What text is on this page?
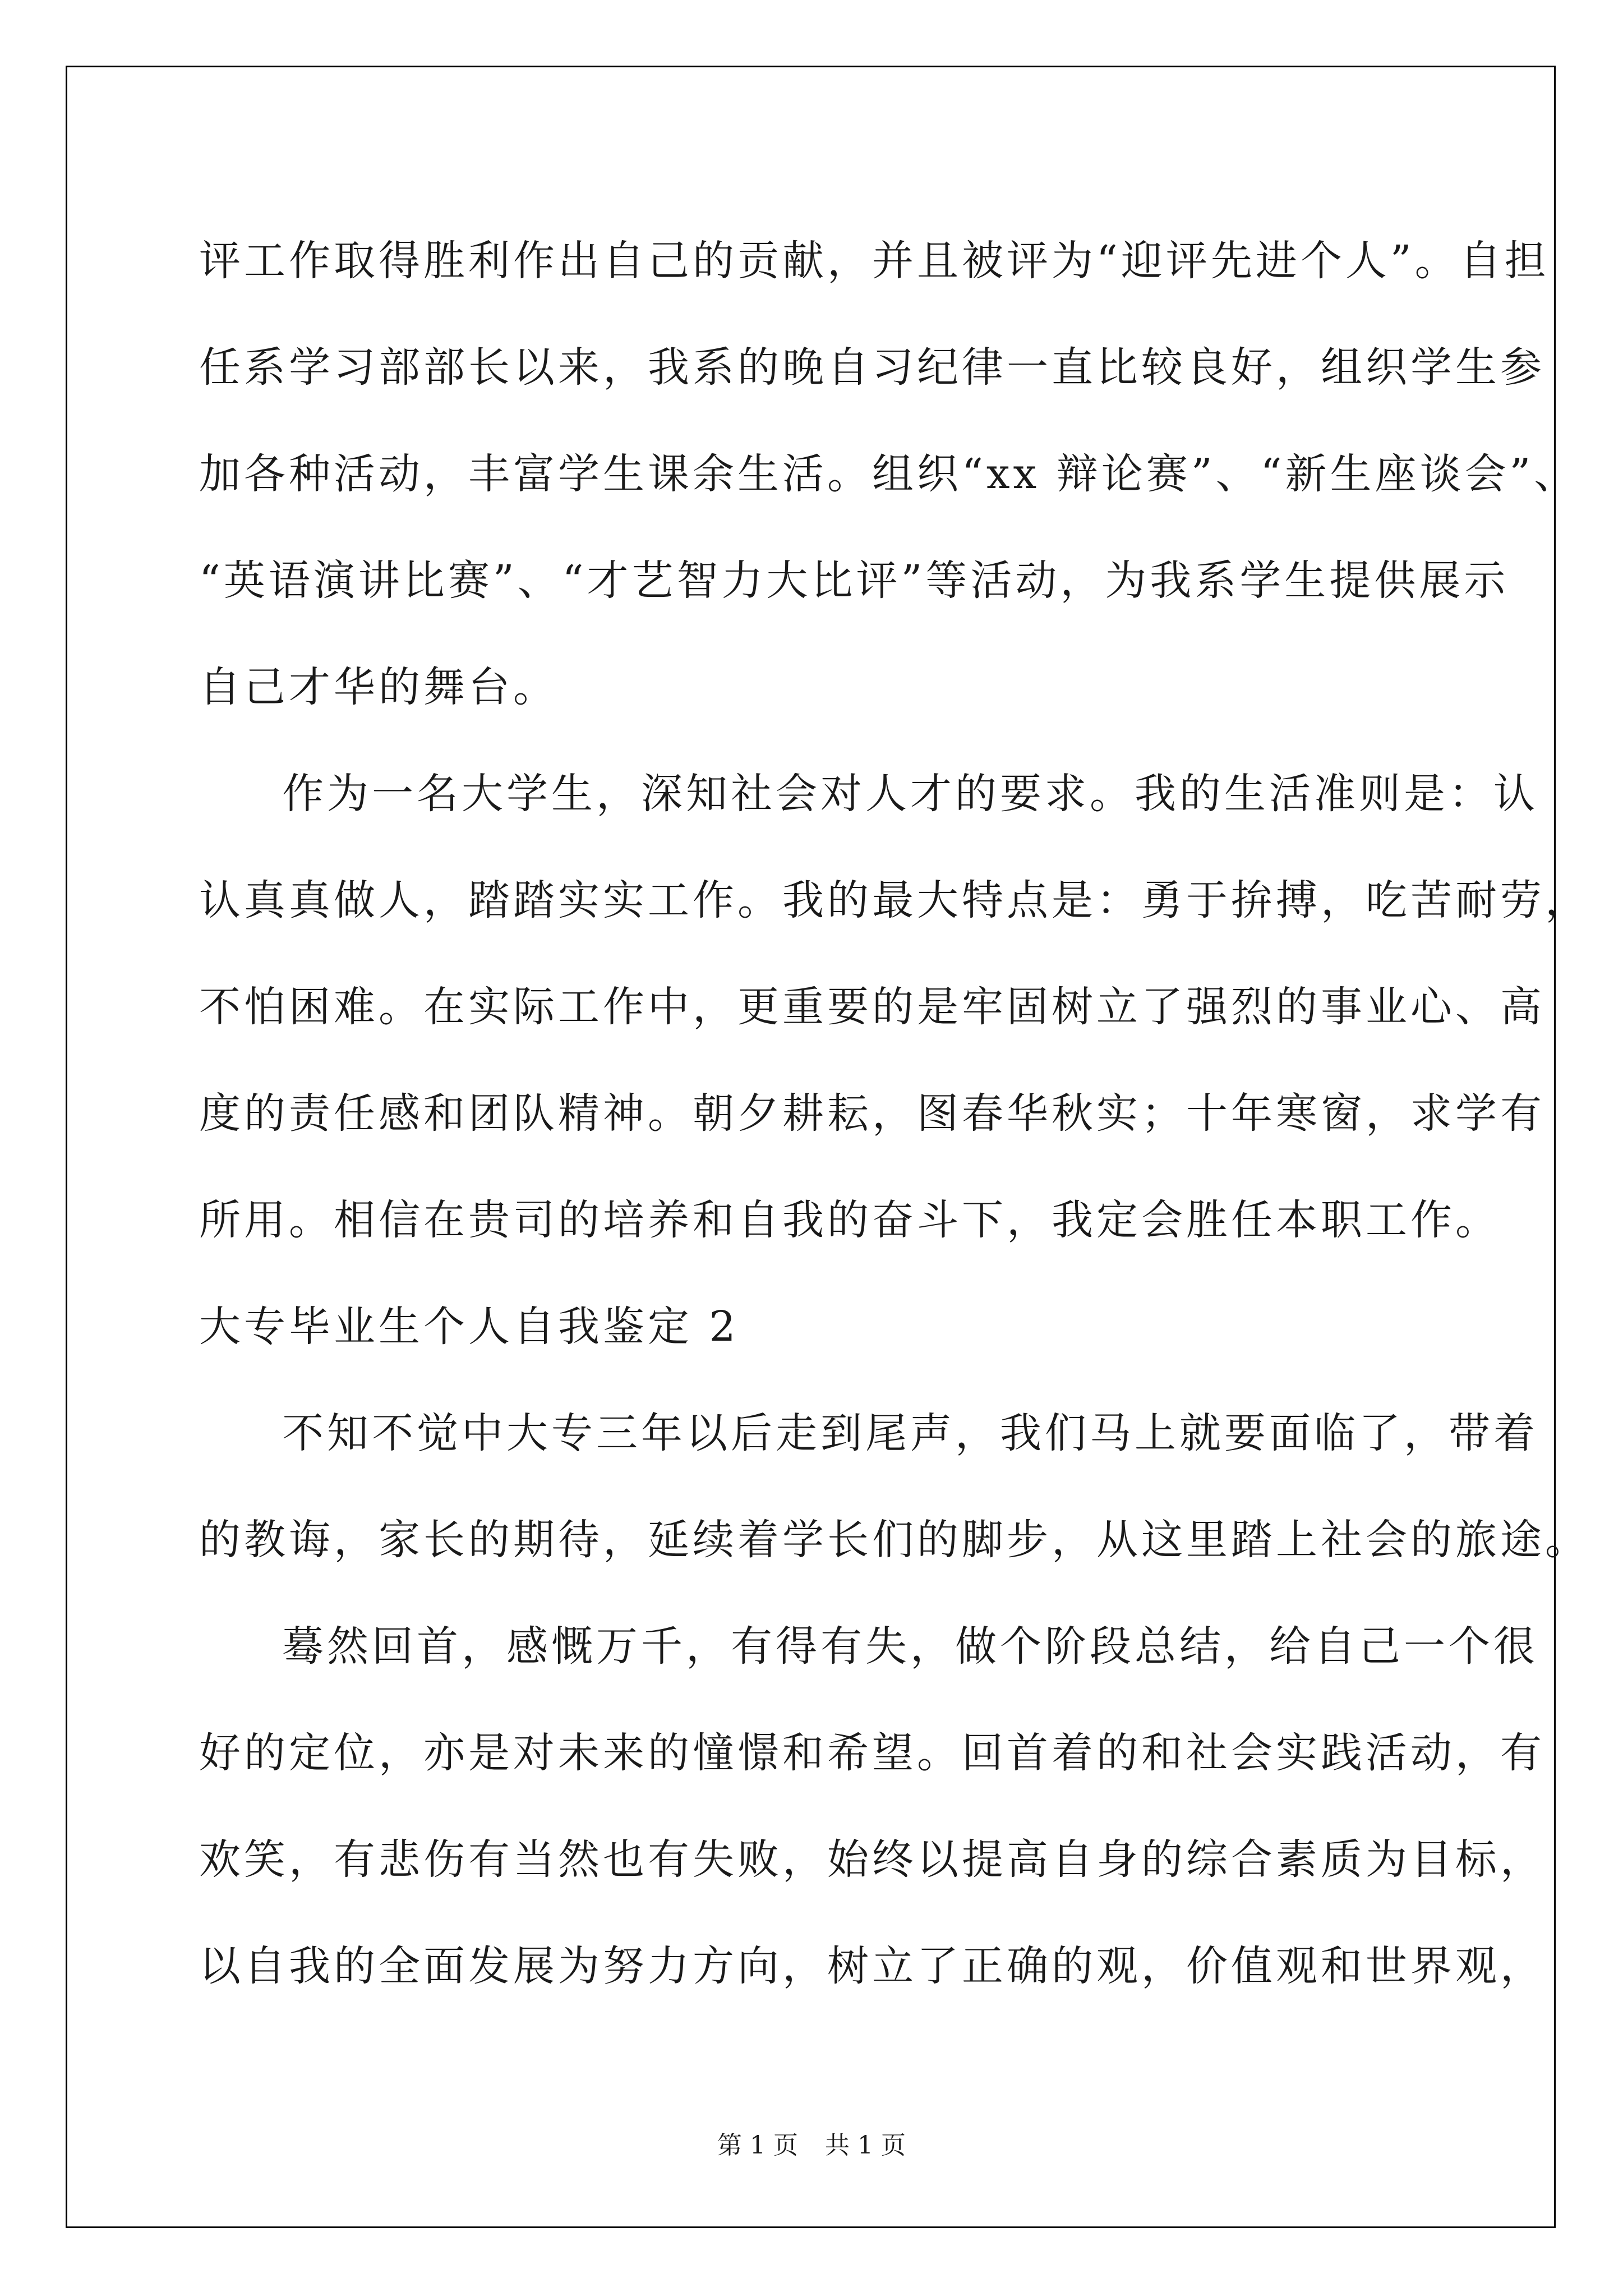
评工作取得胜利作出自己的贡献，并且被评为“迎评先进个人”。自担
任系学习部部长以来，我系的晚自习纪律一直比较良好，组织学生参
加各种活动，丰富学生课余生活。组织“xx 辩论赛”、“新生座谈会”、
“英语演讲比赛”、“才艺智力大比评”等活动，为我系学生提供展示
自己才华的舞台。
作为一名大学生，深知社会对人才的要求。我的生活准则是：认
认真真做人，踏踏实实工作。我的最大特点是：勇于拚搏，吃苦耐劳，
不怕困难。在实际工作中，更重要的是牢固树立了强烈的事业心、高
度的责任感和团队精神。朝夕耕耘，图春华秋实；十年寒窗，求学有
所用。相信在贵司的培养和自我的奋斗下，我定会胜任本职工作。
大专毕业生个人自我鉴定 2
不知不觉中大专三年以后走到尾声，我们马上就要面临了，带着
的教诲，家长的期待，延续着学长们的脚步，从这里踏上社会的旅途。
蓦然回首，感慨万千，有得有失，做个阶段总结，给自己一个很
好的定位，亦是对未来的憧憬和希望。回首着的和社会实践活动，有
欢笑，有悲伤有当然也有失败，始终以提高自身的综合素质为目标，
以自我的全面发展为努力方向，树立了正确的观，价值观和世界观，
第 1 页 共 1 页
